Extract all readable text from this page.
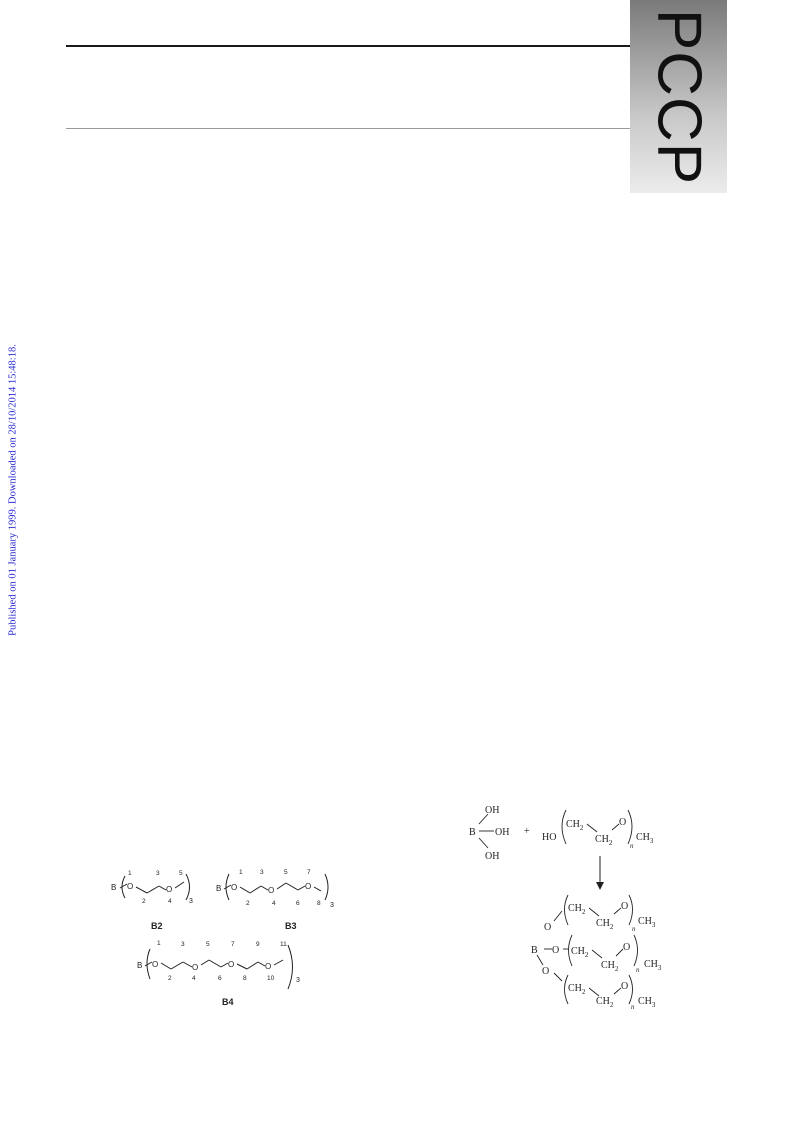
PCCP
Published on 01 January 1999. Downloaded on 28/10/2014 15:48:18.
B O	O
3
1
2
3
4
5
B2
B O	O	O
3
1
2
3
4
5
6
7
8
B3
B O	O	O	O
3
1
2
3
4
5
6
7
8
9
10
11
B4
OH
B OH
OH
+
HO
$CH_2$
$CH_2$
O
n
$CH_3$
O
$CH_2$
$CH_2$
O
n
$CH_3$
B O $CH_2$
$CH_2$
O
n $CH_3$
O
$CH_2$
$CH_2$
O
n $CH_3$
